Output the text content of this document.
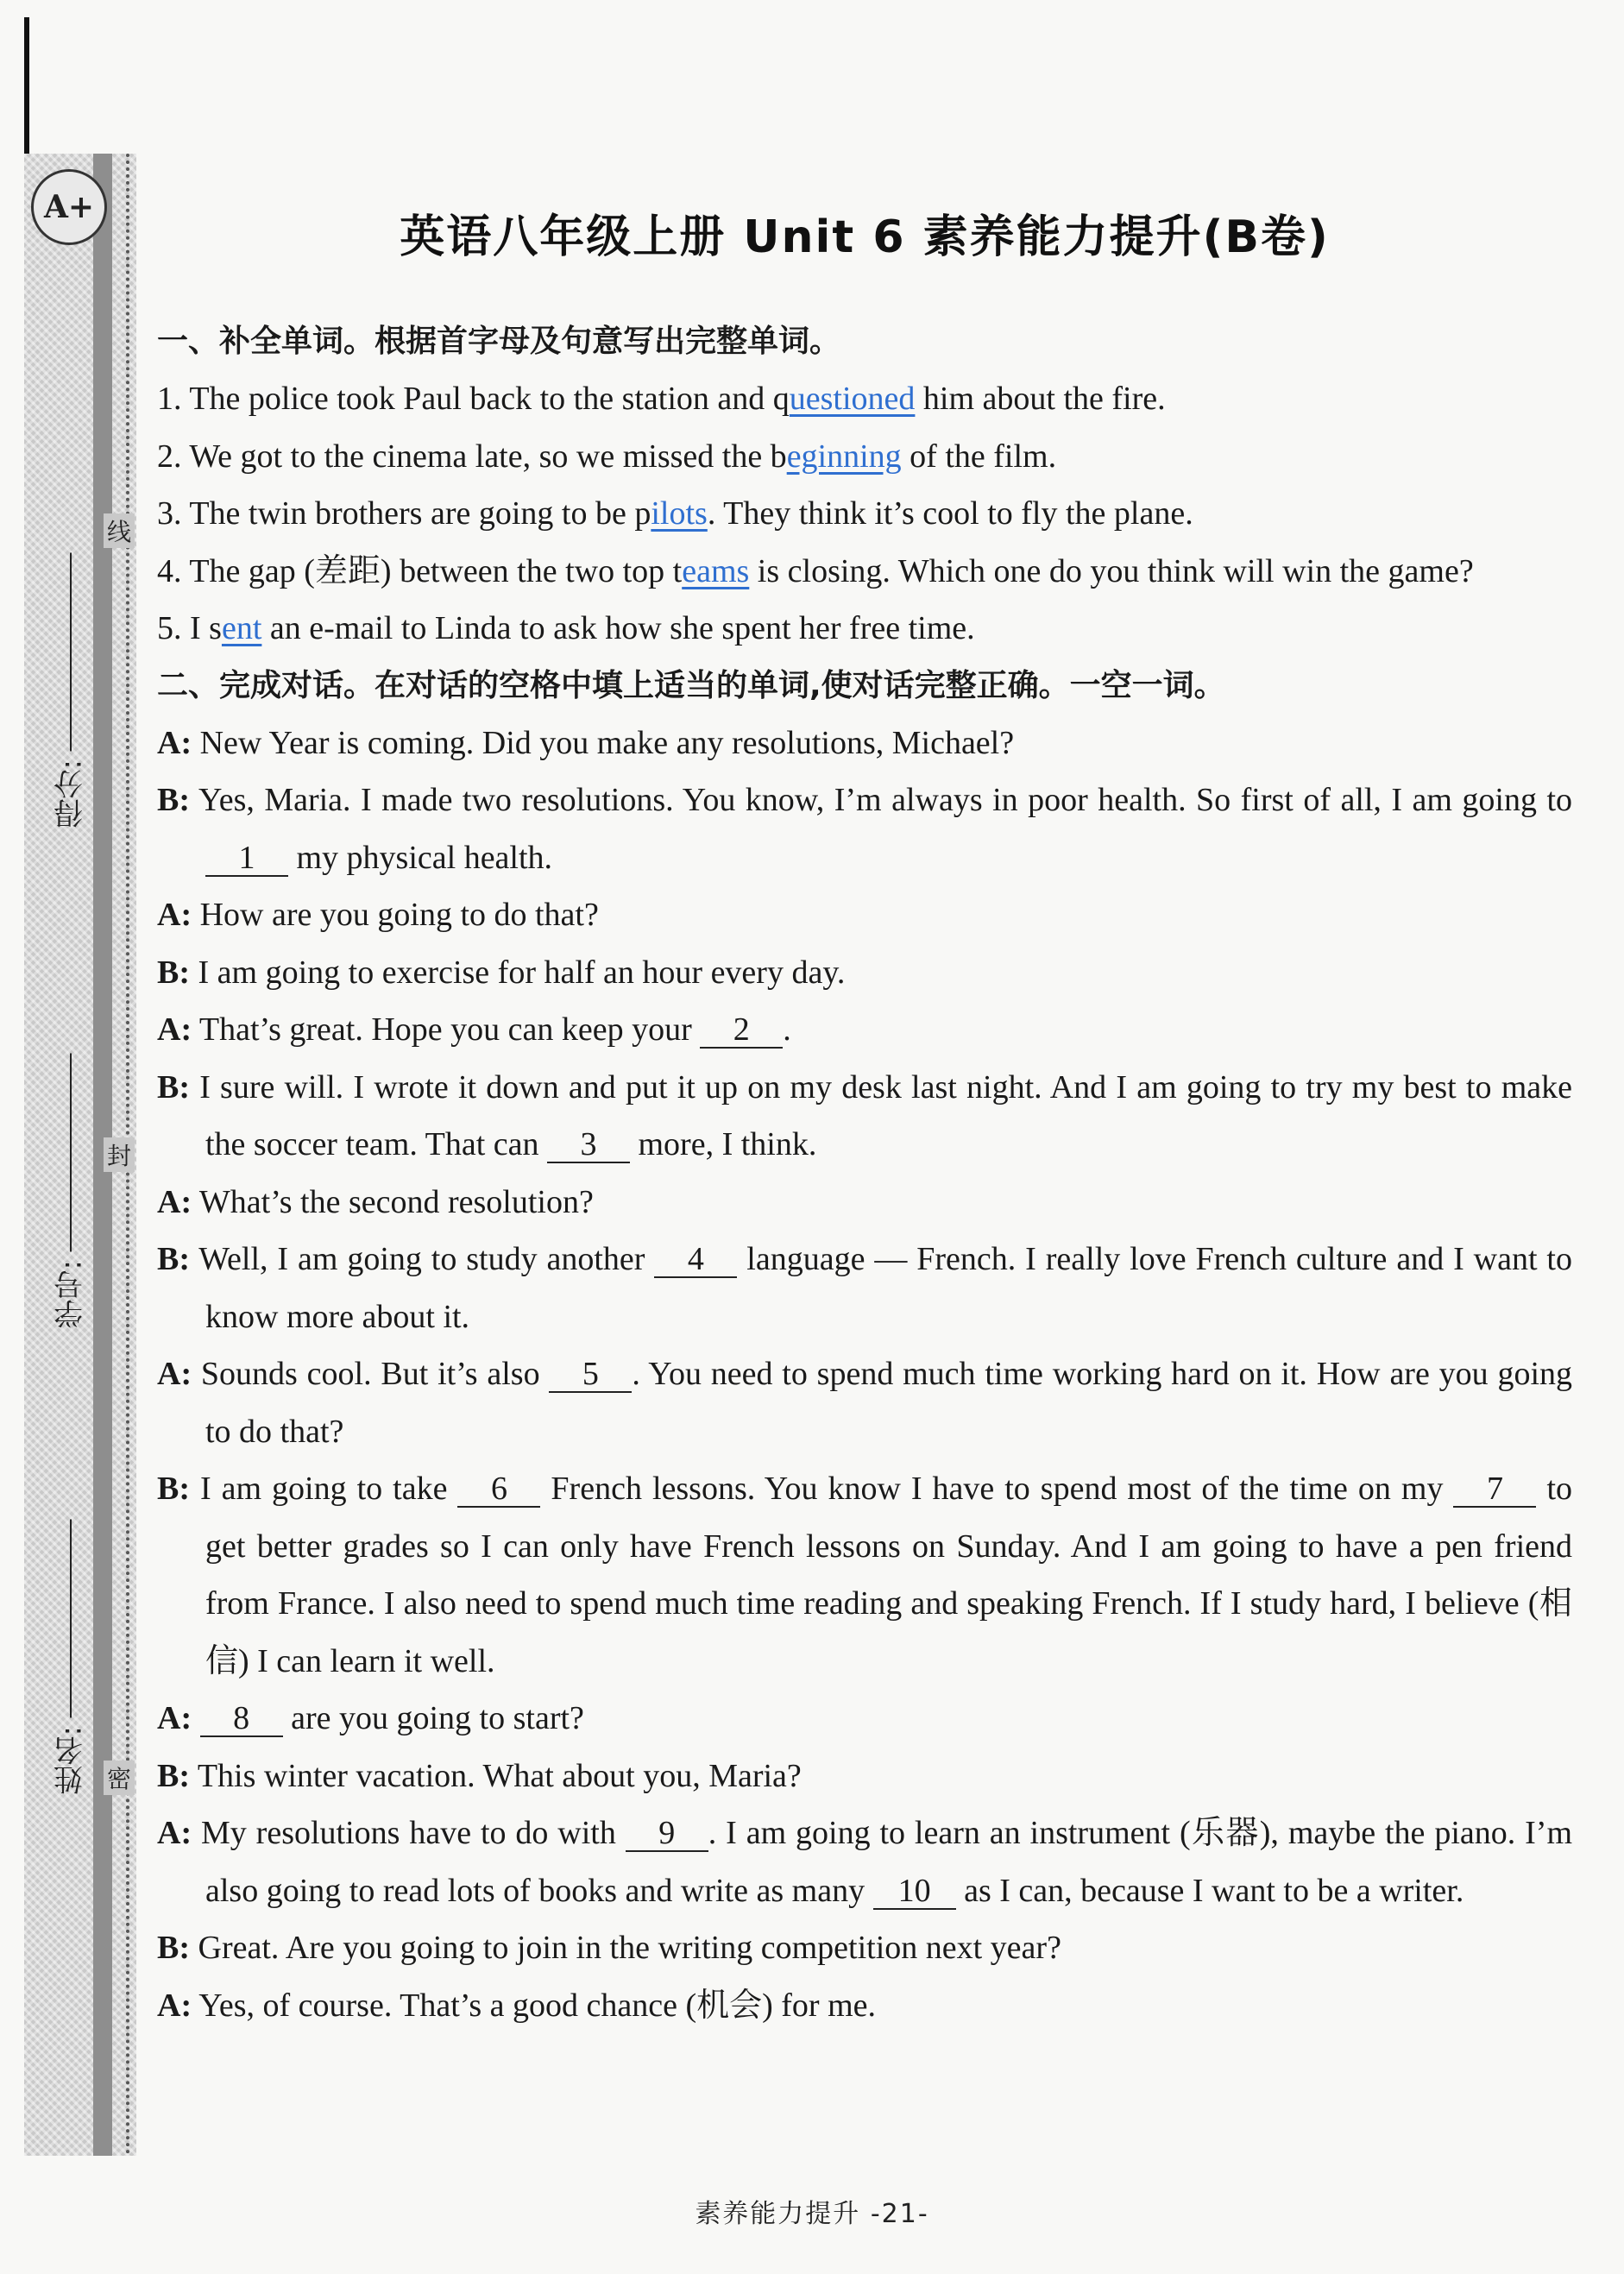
A+
得分:
学号:
姓名:
线
封
密
英语八年级上册 Unit 6 素养能力提升(B卷)

一、补全单词。根据首字母及句意写出完整单词。

1. The police took Paul back to the station and questioned him about the fire.

2. We got to the cinema late, so we missed the beginning of the film.

3. The twin brothers are going to be pilots. They think it’s cool to fly the plane.

4. The gap (差距) between the two top teams is closing. Which one do you think will win the game?

5. I sent an e-mail to Linda to ask how she spent her free time.

二、完成对话。在对话的空格中填上适当的单词,使对话完整正确。一空一词。

A: New Year is coming. Did you make any resolutions, Michael?

B: Yes, Maria. I made two resolutions. You know, I’m always in poor health. So first of all, I am going to 1 my physical health.

A: How are you going to do that?

B: I am going to exercise for half an hour every day.

A: That’s great. Hope you can keep your 2 .

B: I sure will. I wrote it down and put it up on my desk last night. And I am going to try my best to make the soccer team. That can 3 more, I think.

A: What’s the second resolution?

B: Well, I am going to study another 4 language — French. I really love French culture and I want to know more about it.

A: Sounds cool. But it’s also 5 . You need to spend much time working hard on it. How are you going to do that?

B: I am going to take 6 French lessons. You know I have to spend most of the time on my 7 to get better grades so I can only have French lessons on Sunday. And I am going to have a pen friend from France. I also need to spend much time reading and speaking French. If I study hard, I believe (相信) I can learn it well.

A: 8 are you going to start?

B: This winter vacation. What about you, Maria?

A: My resolutions have to do with 9 . I am going to learn an instrument (乐器), maybe the piano. I’m also going to read lots of books and write as many 10 as I can, because I want to be a writer.

B: Great. Are you going to join in the writing competition next year?

A: Yes, of course. That’s a good chance (机会) for me.

素养能力提升 -21-
